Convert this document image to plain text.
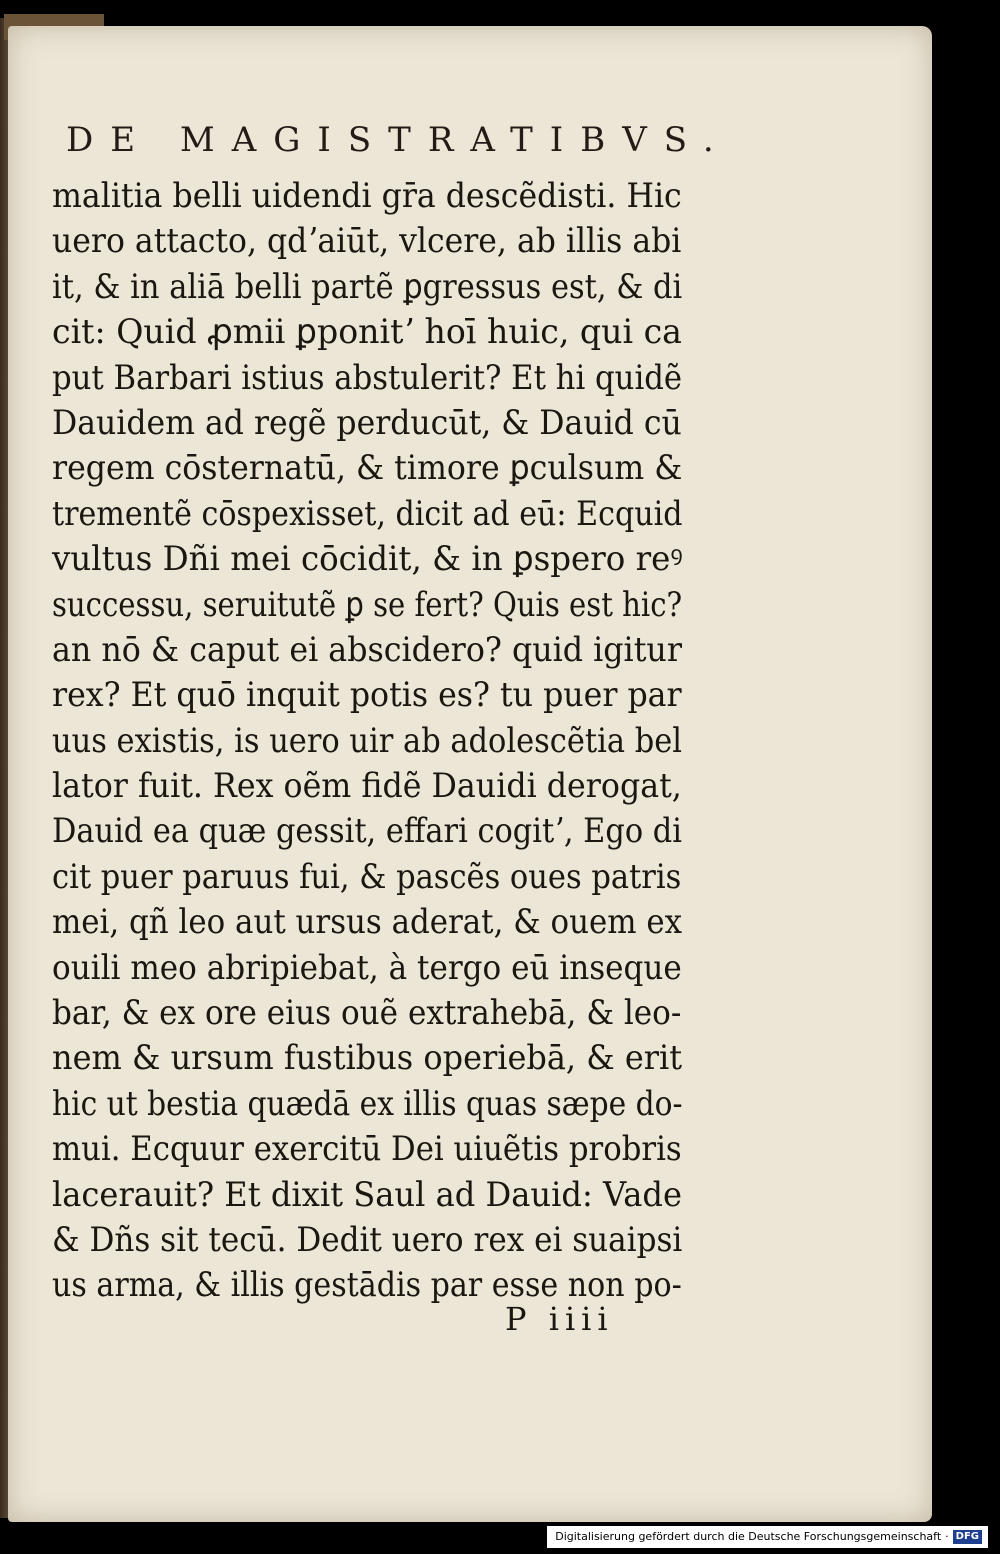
DE MAGISTRATIBVS.
malitia belli uidendi gr̄a descẽdisti. Hic
uero attacto, qdʼaiūt, vlcere, ab illis abi
it, & in aliā belli partẽ ꝑgressus est, & di
cit: Quid ꝓmii ꝑponitʼ hoī huic, qui ca
put Barbari istius abstulerit? Et hi quidẽ
Dauidem ad regẽ perducūt, & Dauid cū
regem cōsternatū, & timore ꝑculsum &
trementẽ cōspexisset, dicit ad eū: Ecquid
vultus Dñi mei cōcidit, & in ꝑspero reꝰ
successu, seruitutẽ ꝑ se fert? Quis est hic?
an nō & caput ei abscidero? quid igitur
rex? Et quō inquit potis es? tu puer par
uus existis, is uero uir ab adolescẽtia bel
lator fuit. Rex oẽm fidẽ Dauidi derogat,
Dauid ea quæ gessit, effari cogitʼ, Ego di
cit puer paruus fui, & pascẽs oues patris
mei, qñ leo aut ursus aderat, & ouem ex
ouili meo abripiebat, à tergo eū inseque
bar, & ex ore eius ouẽ extrahebā, & leo-
nem & ursum fustibus operiebā, & erit
hic ut bestia quædā ex illis quas sæpe do-
mui. Ecquur exercitū Dei uiuẽtis probris
lacerauit? Et dixit Saul ad Dauid: Vade
& Dñs sit tecū. Dedit uero rex ei suaipsi
us arma, & illis gestādis par esse non po-
P iiii
Digitalisierung gefördert durch die Deutsche Forschungsgemeinschaft · DFG
